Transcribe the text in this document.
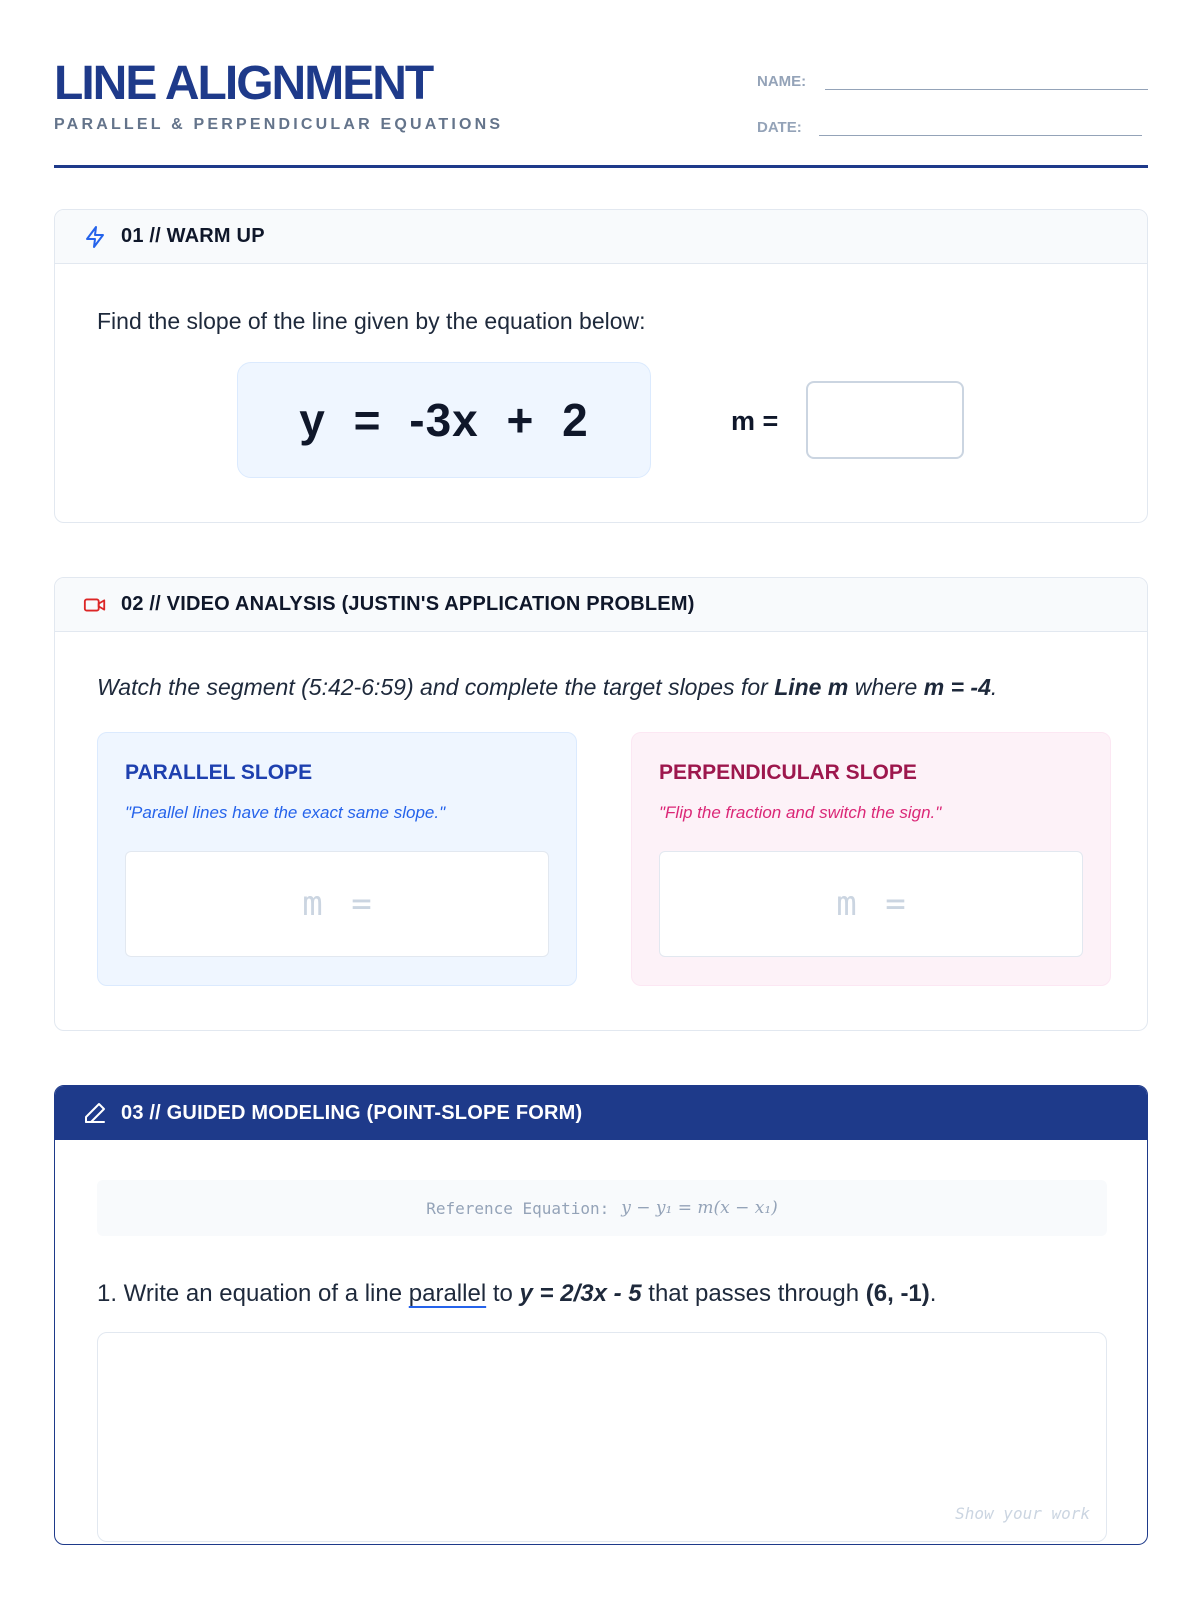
LINE ALIGNMENT
PARALLEL & PERPENDICULAR EQUATIONS
NAME:
DATE:
01 // WARM UP
Find the slope of the line given by the equation below:
y = -3x + 2	m =
02 // VIDEO ANALYSIS (JUSTIN'S APPLICATION PROBLEM)
Watch the segment (5:42-6:59) and complete the target slopes for Line m where m = -4.
PARALLEL SLOPE
"Parallel lines have the exact same slope."
m =
PERPENDICULAR SLOPE
"Flip the fraction and switch the sign."
m =
03 // GUIDED MODELING (POINT-SLOPE FORM)
Reference Equation: y − y₁ = m(x − x₁)
1. Write an equation of a line parallel to y = 2/3x - 5 that passes through (6, -1).
Show your work
